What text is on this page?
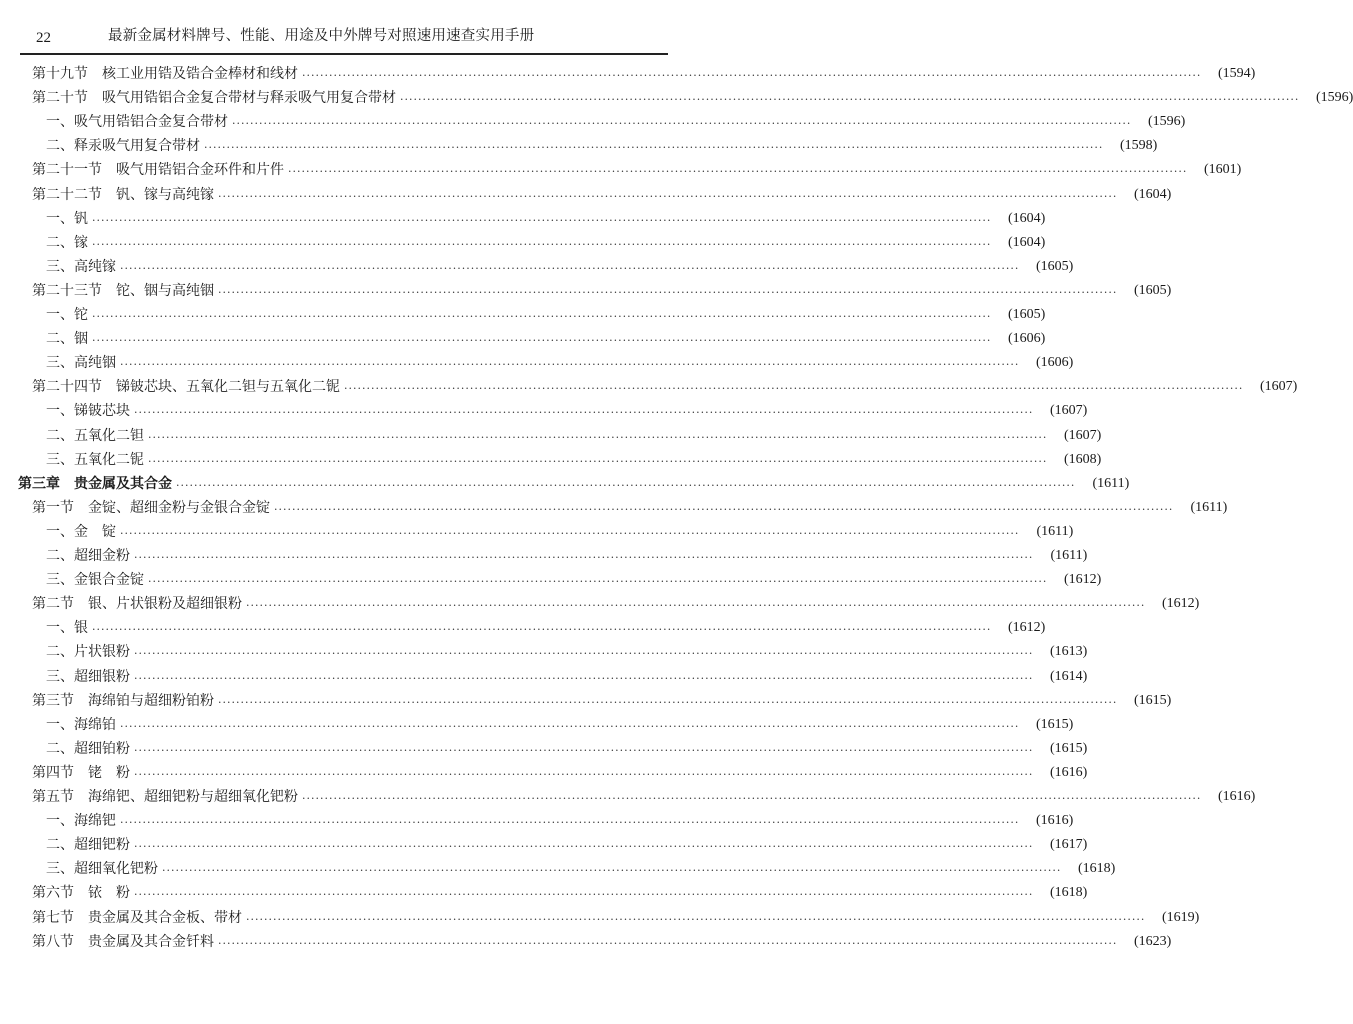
22	最新金属材料牌号、性能、用途及中外牌号对照速用速查实用手册
第十九节　核工业用锆及锆合金棒材和线材 ········································································································································································································	(1594)
第二十节　吸气用锆铝合金复合带材与释汞吸气用复合带材 ········································································································································································································	(1596)
一、吸气用锆铝合金复合带材 ········································································································································································································	(1596)
二、释汞吸气用复合带材 ········································································································································································································	(1598)
第二十一节　吸气用锆铝合金环件和片件 ········································································································································································································	(1601)
第二十二节　钒、镓与高纯镓 ········································································································································································································	(1604)
一、钒 ········································································································································································································	(1604)
二、镓 ········································································································································································································	(1604)
三、高纯镓 ········································································································································································································	(1605)
第二十三节　铊、铟与高纯铟 ········································································································································································································	(1605)
一、铊 ········································································································································································································	(1605)
二、铟 ········································································································································································································	(1606)
三、高纯铟 ········································································································································································································	(1606)
第二十四节　锑铍芯块、五氧化二钽与五氧化二铌 ········································································································································································································	(1607)
一、锑铍芯块 ········································································································································································································	(1607)
二、五氧化二钽 ········································································································································································································	(1607)
三、五氧化二铌 ········································································································································································································	(1608)
第三章　贵金属及其合金 ········································································································································································································	(1611)
第一节　金锭、超细金粉与金银合金锭 ········································································································································································································	(1611)
一、金　锭 ········································································································································································································	(1611)
二、超细金粉 ········································································································································································································	(1611)
三、金银合金锭 ········································································································································································································	(1612)
第二节　银、片状银粉及超细银粉 ········································································································································································································	(1612)
一、银 ········································································································································································································	(1612)
二、片状银粉 ········································································································································································································	(1613)
三、超细银粉 ········································································································································································································	(1614)
第三节　海绵铂与超细粉铂粉 ········································································································································································································	(1615)
一、海绵铂 ········································································································································································································	(1615)
二、超细铂粉 ········································································································································································································	(1615)
第四节　铑　粉 ········································································································································································································	(1616)
第五节　海绵钯、超细钯粉与超细氧化钯粉 ········································································································································································································	(1616)
一、海绵钯 ········································································································································································································	(1616)
二、超细钯粉 ········································································································································································································	(1617)
三、超细氧化钯粉 ········································································································································································································	(1618)
第六节　铱　粉 ········································································································································································································	(1618)
第七节　贵金属及其合金板、带材 ········································································································································································································	(1619)
第八节　贵金属及其合金钎料 ········································································································································································································	(1623)
